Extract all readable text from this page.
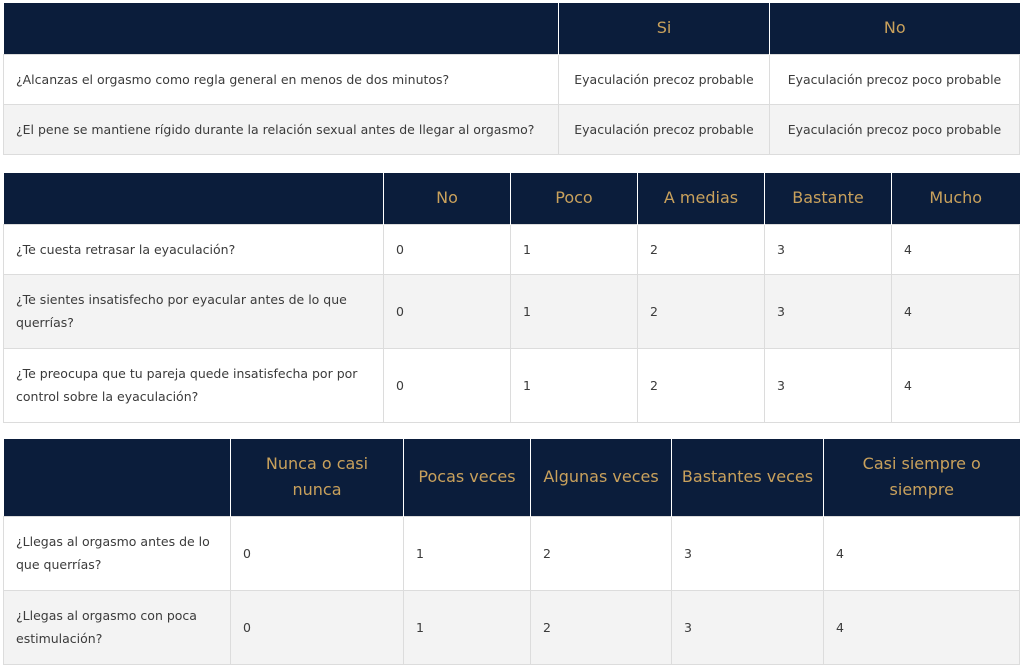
	Si	No
¿Alcanzas el orgasmo como regla general en menos de dos minutos?	Eyaculación precoz probable	Eyaculación precoz poco probable
¿El pene se mantiene rígido durante la relación sexual antes de llegar al orgasmo?	Eyaculación precoz probable	Eyaculación precoz poco probable
	No	Poco	A medias	Bastante	Mucho
¿Te cuesta retrasar la eyaculación?	0	1	2	3	4
¿Te sientes insatisfecho por eyacular antes de lo que querrías?	0	1	2	3	4
¿Te preocupa que tu pareja quede insatisfecha por por control sobre la eyaculación?	0	1	2	3	4
	Nunca o casi nunca	Pocas veces	Algunas veces	Bastantes veces	Casi siempre o siempre
¿Llegas al orgasmo antes de lo que querrías?	0	1	2	3	4
¿Llegas al orgasmo con poca estimulación?	0	1	2	3	4
